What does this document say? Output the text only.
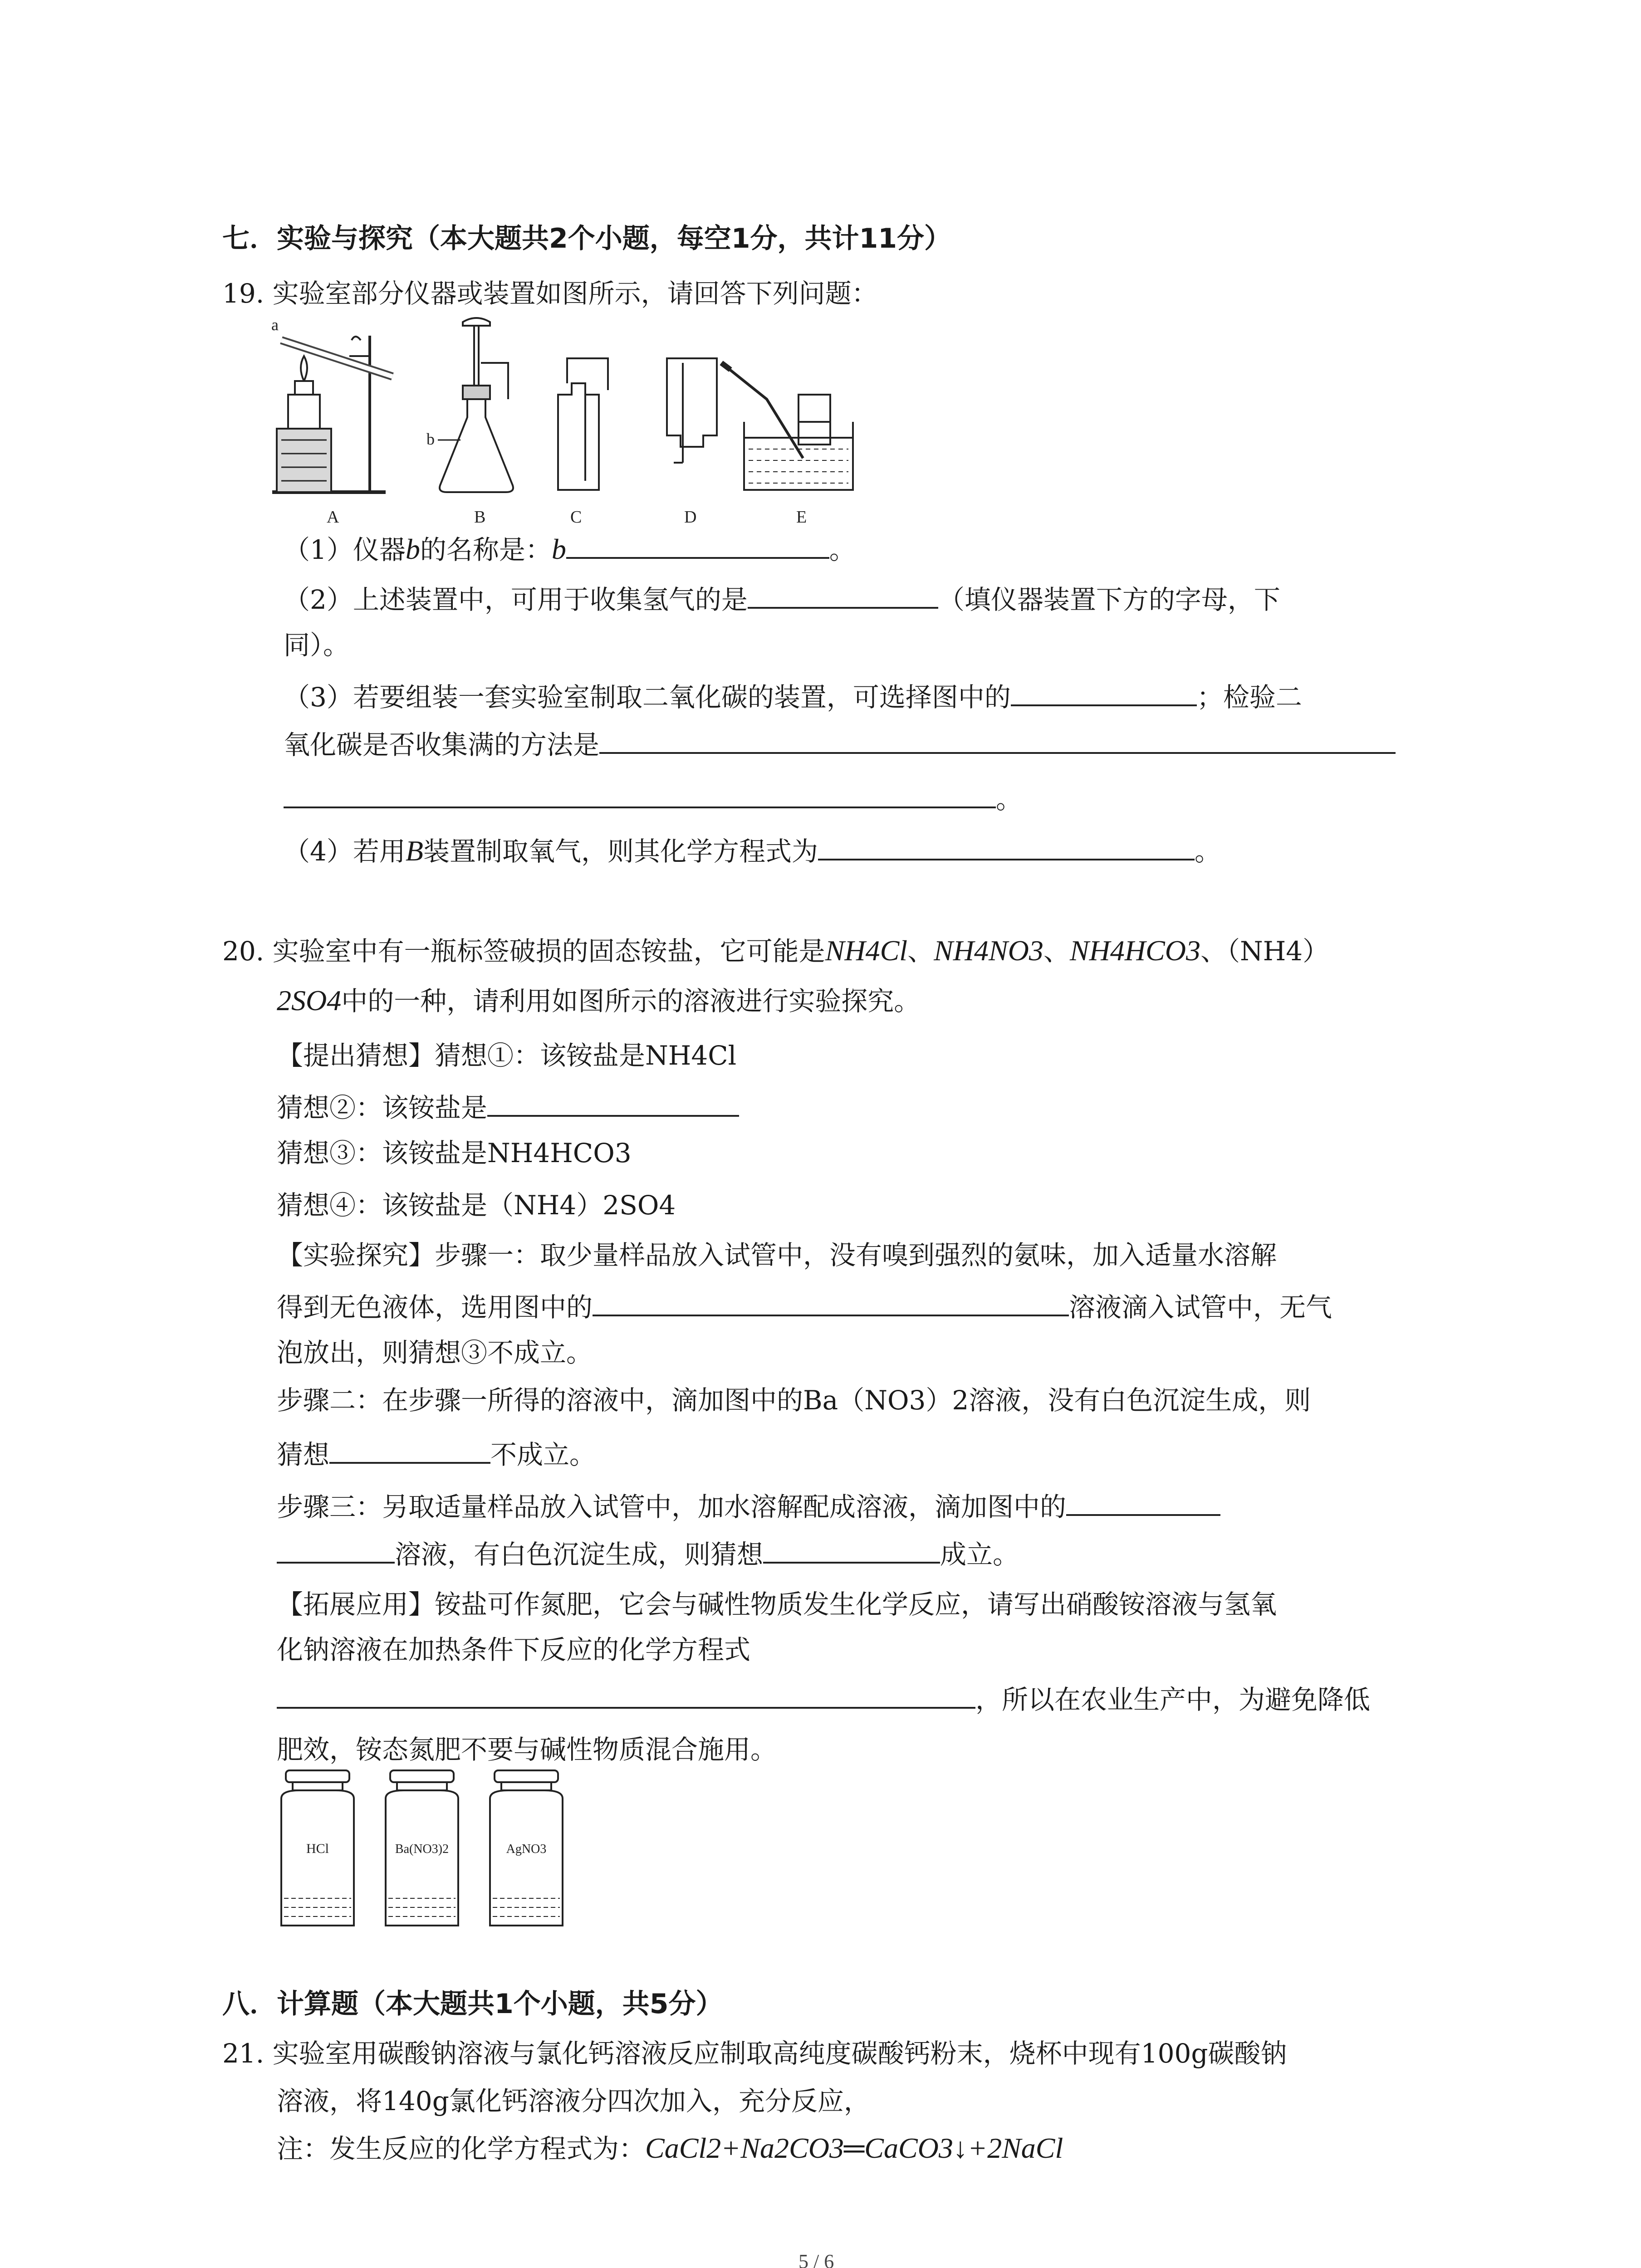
七．实验与探究（本大题共2个小题，每空1分，共计11分）
19. 实验室部分仪器或装置如图所示，请回答下列问题：
a
A
b
B	C	D	E
（1）仪器b的名称是：b	。
（2）上述装置中，可用于收集氢气的是	（填仪器装置下方的字母，下
同）。
（3）若要组装一套实验室制取二氧化碳的装置，可选择图中的	；检验二
氧化碳是否收集满的方法是
。
（4）若用B装置制取氧气，则其化学方程式为	。
20. 实验室中有一瓶标签破损的固态铵盐，它可能是NH4Cl、NH4NO3、NH4HCO3、（NH4）
2SO4中的一种，请利用如图所示的溶液进行实验探究。
【提出猜想】猜想①：该铵盐是NH4Cl
猜想②：该铵盐是
猜想③：该铵盐是NH4HCO3
猜想④：该铵盐是（NH4）2SO4
【实验探究】步骤一：取少量样品放入试管中，没有嗅到强烈的氨味，加入适量水溶解
得到无色液体，选用图中的	溶液滴入试管中，无气
泡放出，则猜想③不成立。
步骤二：在步骤一所得的溶液中，滴加图中的Ba（NO3）2溶液，没有白色沉淀生成，则
猜想	不成立。
步骤三：另取适量样品放入试管中，加水溶解配成溶液，滴加图中的
溶液，有白色沉淀生成，则猜想	成立。
【拓展应用】铵盐可作氮肥，它会与碱性物质发生化学反应，请写出硝酸铵溶液与氢氧
化钠溶液在加热条件下反应的化学方程式
，所以在农业生产中，为避免降低
肥效，铵态氮肥不要与碱性物质混合施用。
HCl	Ba(NO3)2	AgNO3
八．计算题（本大题共1个小题，共5分）
21. 实验室用碳酸钠溶液与氯化钙溶液反应制取高纯度碳酸钙粉末，烧杯中现有100g碳酸钠
溶液，将140g氯化钙溶液分四次加入，充分反应，
注：发生反应的化学方程式为：CaCl2+Na2CO3═CaCO3↓+2NaCl
5 / 6
